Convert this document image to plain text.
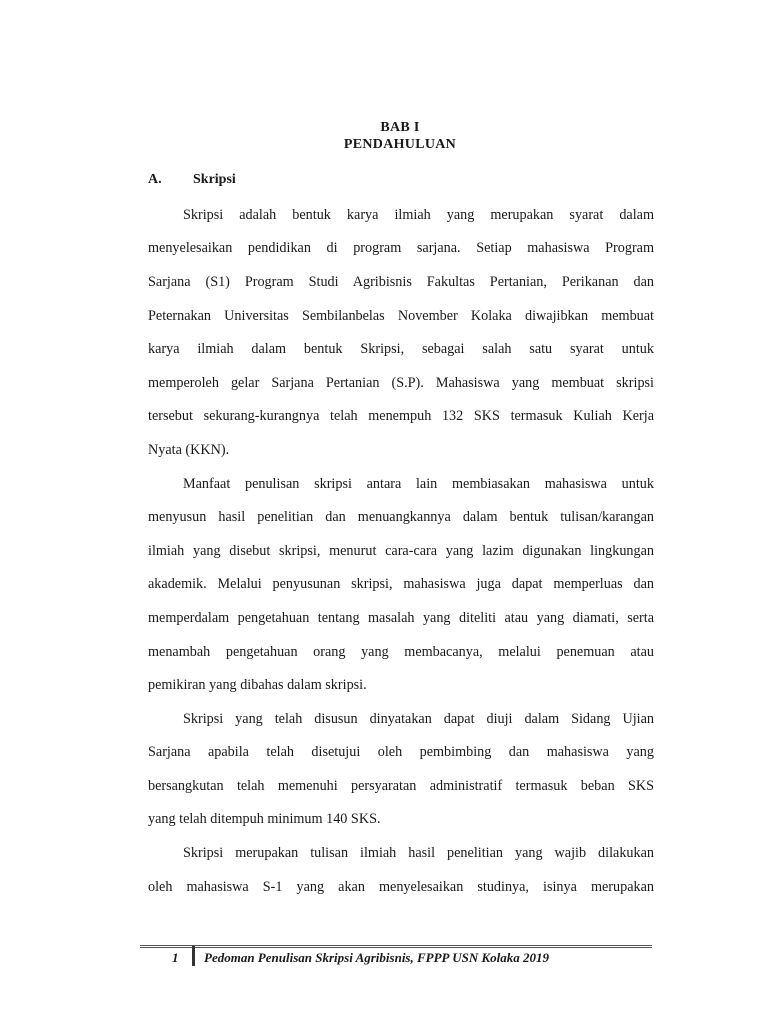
BAB I
PENDAHULUAN
A. Skripsi
Skripsi adalah bentuk karya ilmiah yang merupakan syarat dalam
menyelesaikan pendidikan di program sarjana. Setiap mahasiswa Program
Sarjana (S1) Program Studi Agribisnis Fakultas Pertanian, Perikanan dan
Peternakan Universitas Sembilanbelas November Kolaka diwajibkan membuat
karya ilmiah dalam bentuk Skripsi, sebagai salah satu syarat untuk
memperoleh gelar Sarjana Pertanian (S.P). Mahasiswa yang membuat skripsi
tersebut sekurang-kurangnya telah menempuh 132 SKS termasuk Kuliah Kerja
Nyata (KKN).
Manfaat penulisan skripsi antara lain membiasakan mahasiswa untuk
menyusun hasil penelitian dan menuangkannya dalam bentuk tulisan/karangan
ilmiah yang disebut skripsi, menurut cara-cara yang lazim digunakan lingkungan
akademik. Melalui penyusunan skripsi, mahasiswa juga dapat memperluas dan
memperdalam pengetahuan tentang masalah yang diteliti atau yang diamati, serta
menambah pengetahuan orang yang membacanya, melalui penemuan atau
pemikiran yang dibahas dalam skripsi.
Skripsi yang telah disusun dinyatakan dapat diuji dalam Sidang Ujian
Sarjana apabila telah disetujui oleh pembimbing dan mahasiswa yang
bersangkutan telah memenuhi persyaratan administratif termasuk beban SKS
yang telah ditempuh minimum 140 SKS.
Skripsi merupakan tulisan ilmiah hasil penelitian yang wajib dilakukan
oleh mahasiswa S-1 yang akan menyelesaikan studinya, isinya merupakan
1 Pedoman Penulisan Skripsi Agribisnis, FPPP USN Kolaka 2019
